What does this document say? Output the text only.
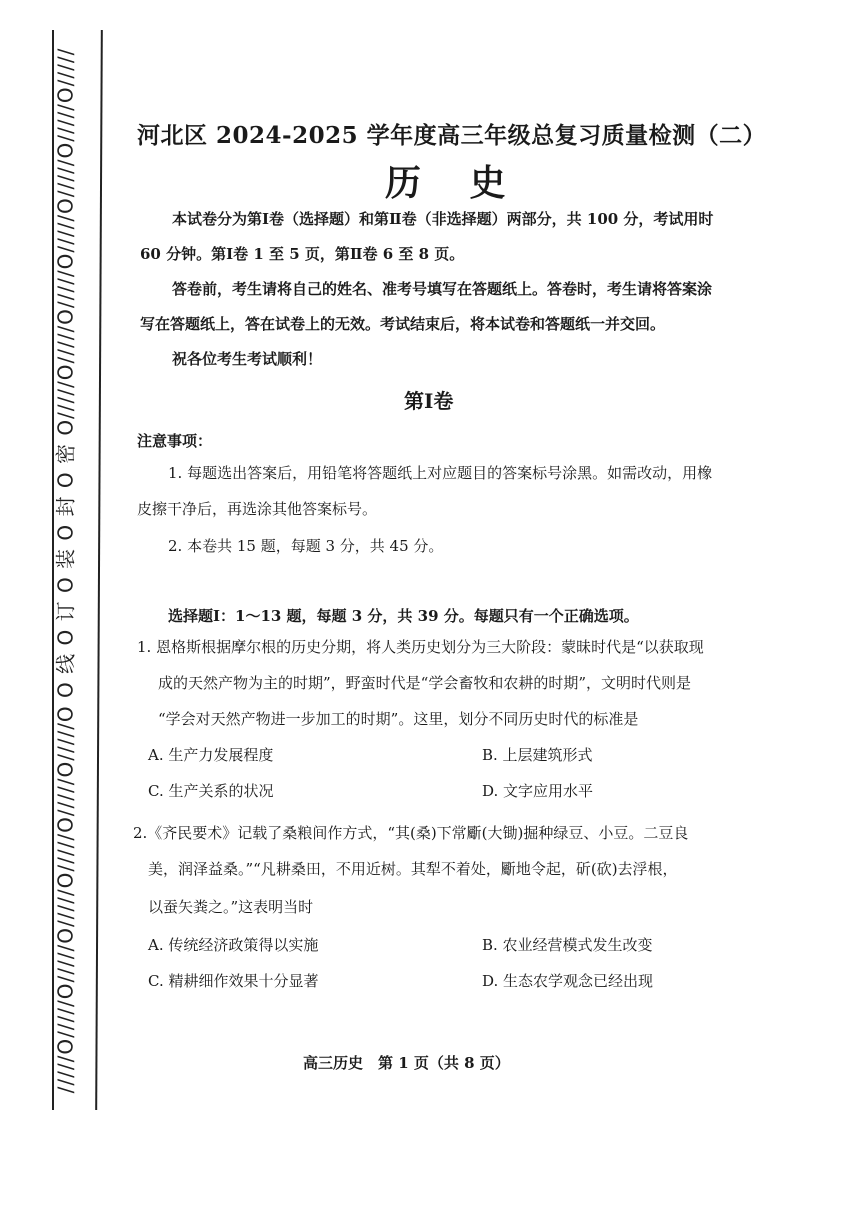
/////O/////O/////O/////O/////O/////O/////O O 线 O 订 O 装 O 封 O 密 O/////O/////O/////O/////O/////O/////O/////	河北区 2024-2025 学年度高三年级总复习质量检测（二）
历 史
本试卷分为第Ⅰ卷（选择题）和第Ⅱ卷（非选择题）两部分，共 100 分，考试用时
60 分钟。第Ⅰ卷 1 至 5 页，第Ⅱ卷 6 至 8 页。
答卷前，考生请将自己的姓名、准考号填写在答题纸上。答卷时，考生请将答案涂
写在答题纸上，答在试卷上的无效。考试结束后，将本试卷和答题纸一并交回。
祝各位考生考试顺利！
第Ⅰ卷
注意事项：
1. 每题选出答案后，用铅笔将答题纸上对应题目的答案标号涂黑。如需改动，用橡
皮擦干净后，再选涂其他答案标号。
2. 本卷共 15 题，每题 3 分，共 45 分。
选择题Ⅰ：1～13 题，每题 3 分，共 39 分。每题只有一个正确选项。
1. 恩格斯根据摩尔根的历史分期，将人类历史划分为三大阶段：蒙昧时代是“以获取现
成的天然产物为主的时期”，野蛮时代是“学会畜牧和农耕的时期”，文明时代则是
“学会对天然产物进一步加工的时期”。这里，划分不同历史时代的标准是
A. 生产力发展程度	B. 上层建筑形式
C. 生产关系的状况	D. 文字应用水平
2.《齐民要术》记载了桑粮间作方式，“其(桑)下常斸(大锄)掘种绿豆、小豆。二豆良
美，润泽益桑。”“凡耕桑田，不用近树。其犁不着处，斸地令起，斫(砍)去浮根，
以蚕矢粪之。”这表明当时
A. 传统经济政策得以实施	B. 农业经营模式发生改变
C. 精耕细作效果十分显著	D. 生态农学观念已经出现
高三历史　第 1 页（共 8 页）
